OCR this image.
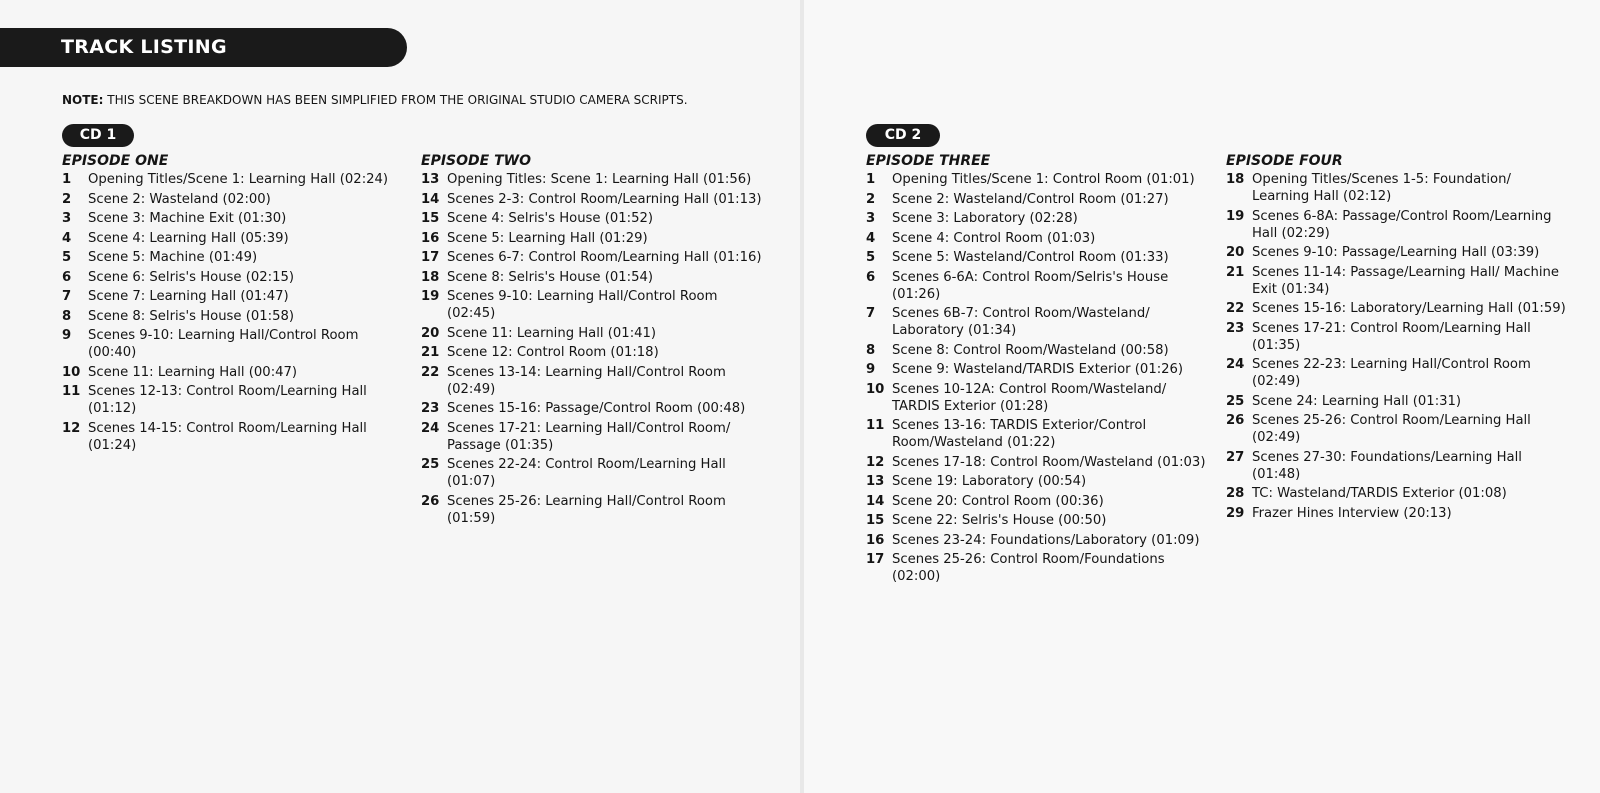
TRACK LISTING
NOTE: THIS SCENE BREAKDOWN HAS BEEN SIMPLIFIED FROM THE ORIGINAL STUDIO CAMERA SCRIPTS.
CD 1	CD 2
EPISODE ONE
1	Opening Titles/Scene 1: Learning Hall (02:24)
2	Scene 2: Wasteland (02:00)
3	Scene 3: Machine Exit (01:30)
4	Scene 4: Learning Hall (05:39)
5	Scene 5: Machine (01:49)
6	Scene 6: Selris's House (02:15)
7	Scene 7: Learning Hall (01:47)
8	Scene 8: Selris's House (01:58)
9	Scenes 9-10: Learning Hall/Control Room (00:40)
10 Scene 11: Learning Hall (00:47)
11 Scenes 12-13: Control Room/Learning Hall (01:12)
12 Scenes 14-15: Control Room/Learning Hall (01:24)
EPISODE TWO
13 Opening Titles: Scene 1: Learning Hall (01:56)
14 Scenes 2-3: Control Room/Learning Hall (01:13)
15 Scene 4: Selris's House (01:52)
16 Scene 5: Learning Hall (01:29)
17 Scenes 6-7: Control Room/Learning Hall (01:16)
18 Scene 8: Selris's House (01:54)
19 Scenes 9-10: Learning Hall/Control Room (02:45)
20 Scene 11: Learning Hall (01:41)
21 Scene 12: Control Room (01:18)
22 Scenes 13-14: Learning Hall/Control Room (02:49)
23 Scenes 15-16: Passage/Control Room (00:48)
24 Scenes 17-21: Learning Hall/Control Room/ Passage (01:35)
25 Scenes 22-24: Control Room/Learning Hall (01:07)
26 Scenes 25-26: Learning Hall/Control Room (01:59)
EPISODE THREE
1	Opening Titles/Scene 1: Control Room (01:01)
2	Scene 2: Wasteland/Control Room (01:27)
3	Scene 3: Laboratory (02:28)
4	Scene 4: Control Room (01:03)
5	Scene 5: Wasteland/Control Room (01:33)
6	Scenes 6-6A: Control Room/Selris's House (01:26)
7	Scenes 6B-7: Control Room/Wasteland/ Laboratory (01:34)
8	Scene 8: Control Room/Wasteland (00:58)
9	Scene 9: Wasteland/TARDIS Exterior (01:26)
10 Scenes 10-12A: Control Room/Wasteland/ TARDIS Exterior (01:28)
11 Scenes 13-16: TARDIS Exterior/Control Room/Wasteland (01:22)
12 Scenes 17-18: Control Room/Wasteland (01:03)
13 Scene 19: Laboratory (00:54)
14 Scene 20: Control Room (00:36)
15 Scene 22: Selris's House (00:50)
16 Scenes 23-24: Foundations/Laboratory (01:09)
17 Scenes 25-26: Control Room/Foundations (02:00)
EPISODE FOUR
18 Opening Titles/Scenes 1-5: Foundation/ Learning Hall (02:12)
19 Scenes 6-8A: Passage/Control Room/Learning Hall (02:29)
20 Scenes 9-10: Passage/Learning Hall (03:39)
21 Scenes 11-14: Passage/Learning Hall/ Machine Exit (01:34)
22 Scenes 15-16: Laboratory/Learning Hall (01:59)
23 Scenes 17-21: Control Room/Learning Hall (01:35)
24 Scenes 22-23: Learning Hall/Control Room (02:49)
25 Scene 24: Learning Hall (01:31)
26 Scenes 25-26: Control Room/Learning Hall (02:49)
27 Scenes 27-30: Foundations/Learning Hall (01:48)
28 TC: Wasteland/TARDIS Exterior (01:08)
29 Frazer Hines Interview (20:13)
